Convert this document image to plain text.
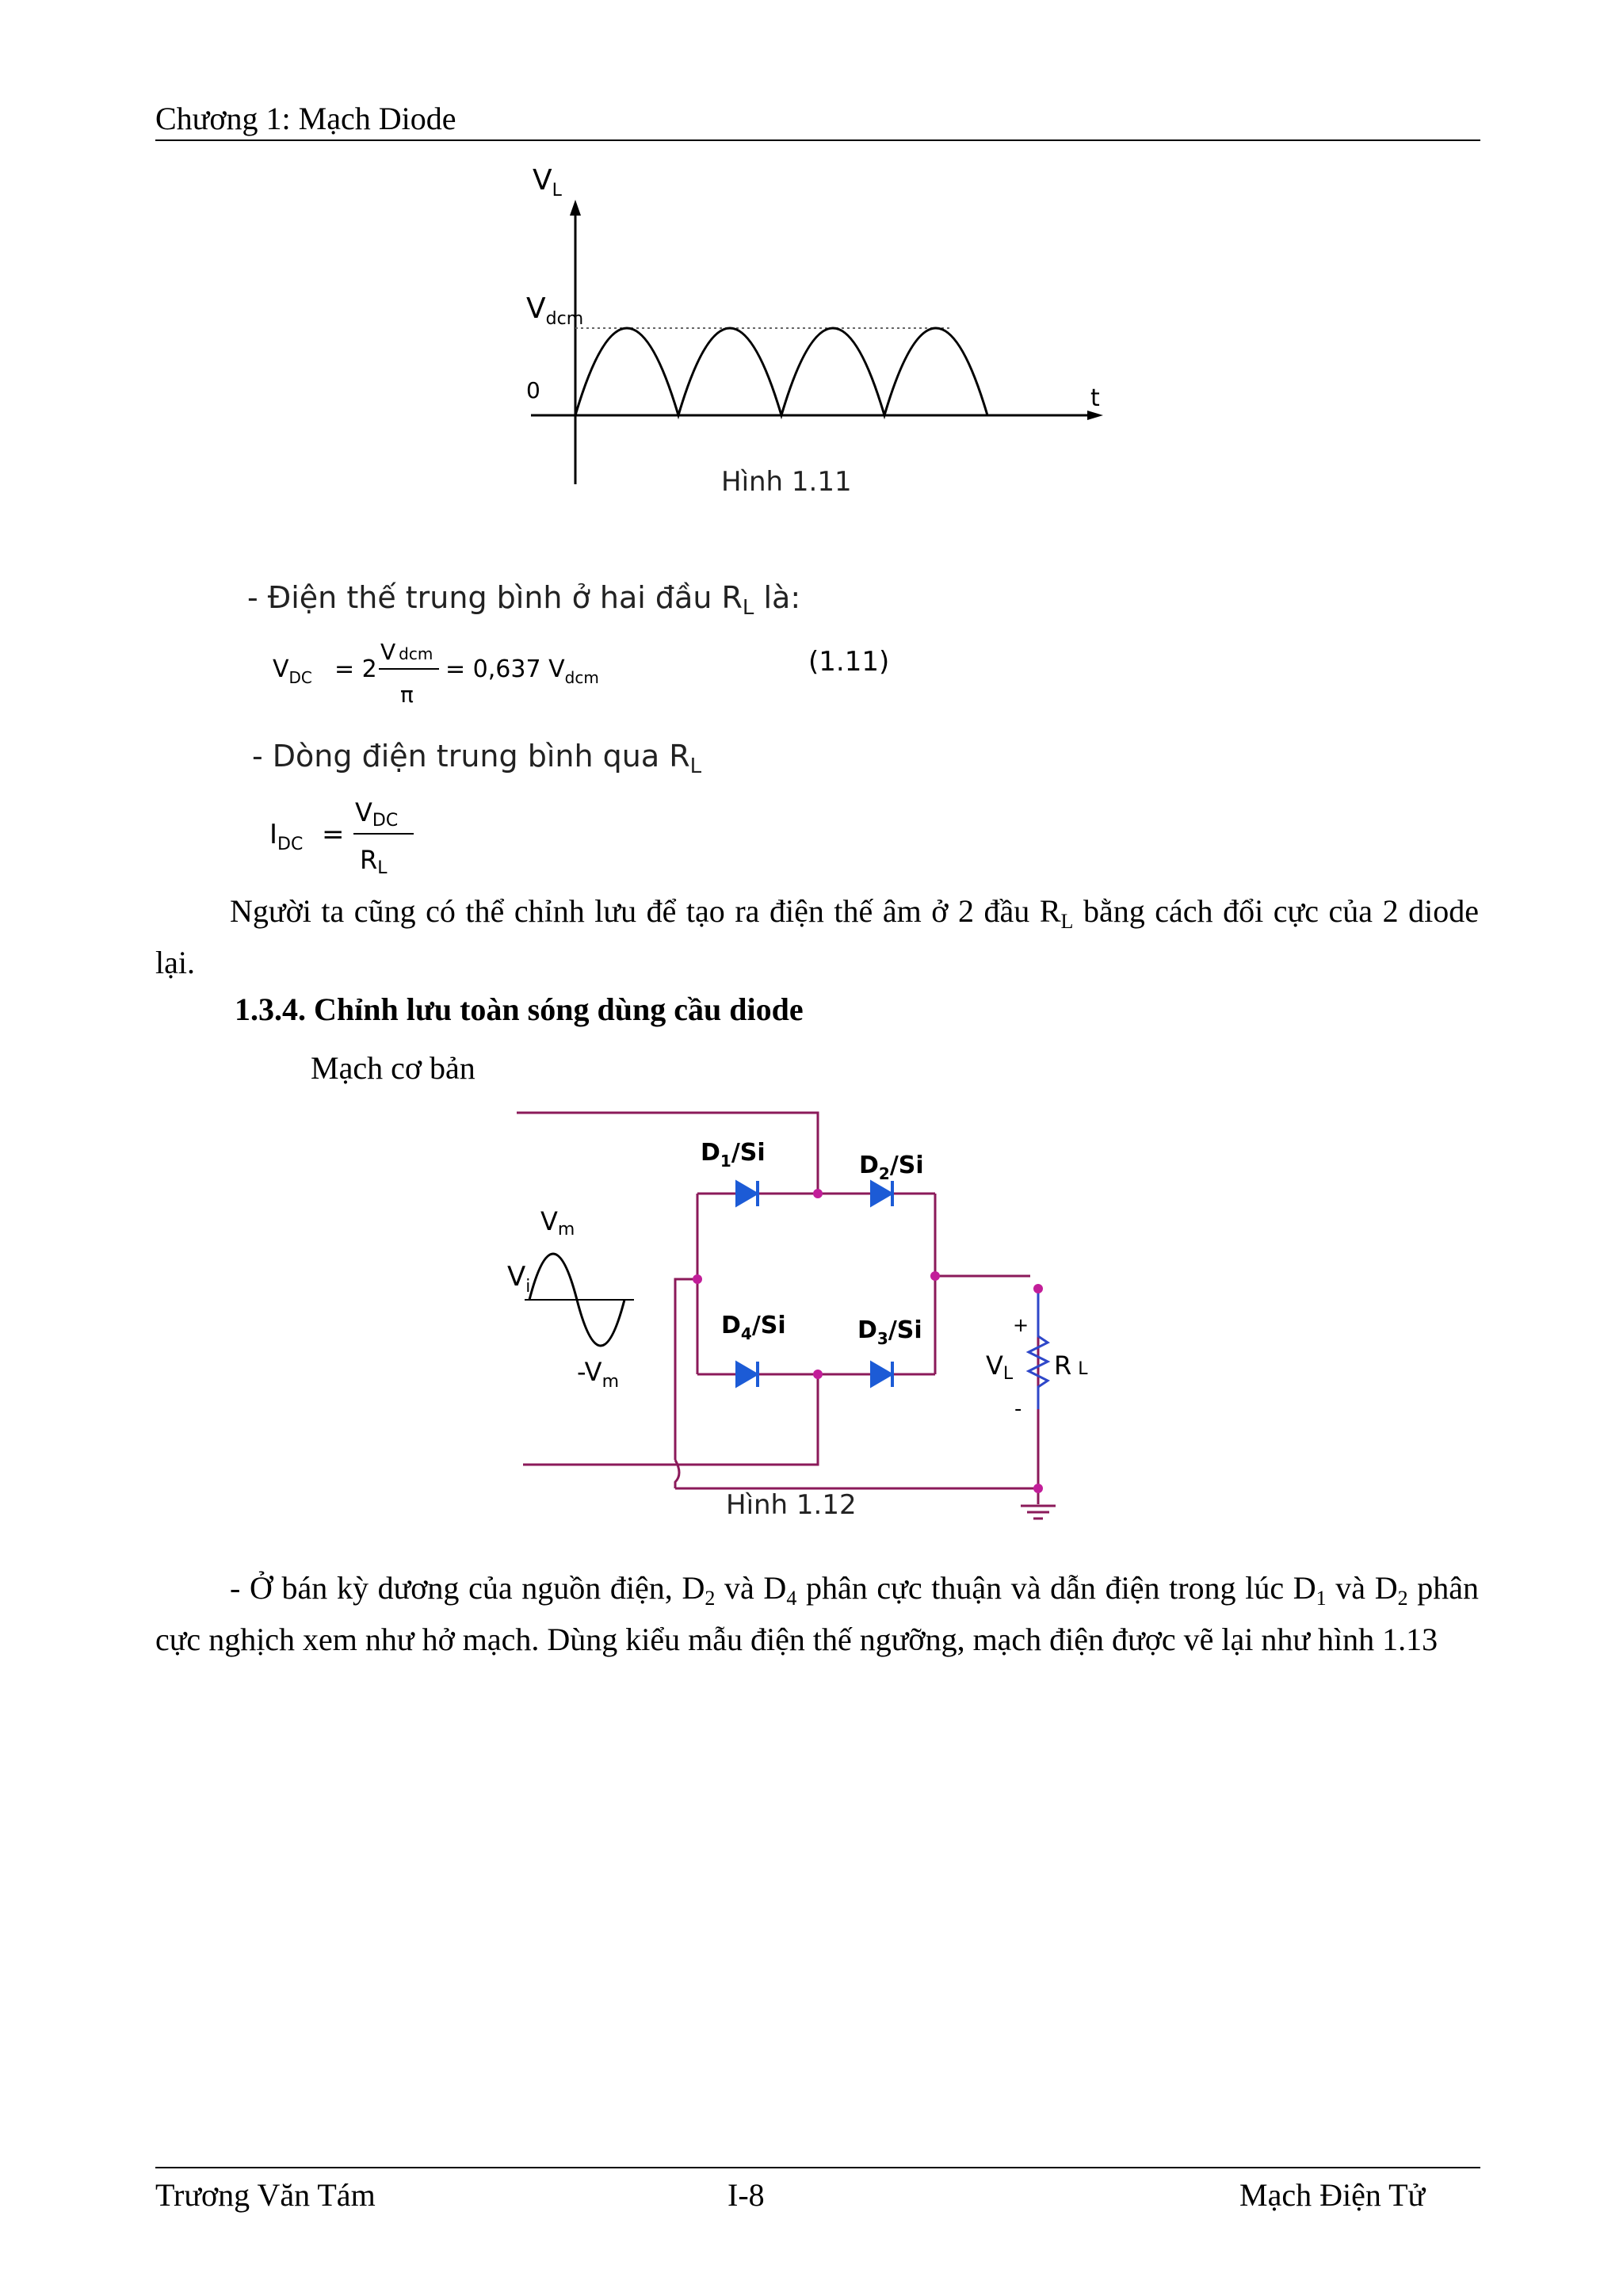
Chương 1: Mạch Diode
$V_L$
$V_{dcm}$
0	t
Hình 1.11
- Điện thế trung bình ở hai đầu $R_L$ là:
$V_{DC} = 2$
V dcm
π
= 0,637 $V_{dcm}$	(1.11)
- Dòng điện trung bình qua $R_L$
$I_{DC}$ =
VDC
RL
Người ta cũng có thể chỉnh lưu để tạo ra điện thế âm ở 2 đầu $R_L$ bằng cách đổi cực của 2 diode lại.
1.3.4. Chỉnh lưu toàn sóng dùng cầu diode
Mạch cơ bản
$D_1/Si$	$D_2/Si$
$D_4/Si$	$D_3/Si$
Vm
$V_i$
$-V_m$
+
-
VL R L
Hình 1.12
- Ở bán kỳ dương của nguồn điện, $D_2$ và $D_4$ phân cực thuận và dẫn điện trong lúc $D_1$ và $D_2$ phân cực nghịch xem như hở mạch. Dùng kiểu mẫu điện thế ngưỡng, mạch điện được vẽ lại như hình 1.13
Trương Văn Tám	I-8	Mạch Điện Tử
